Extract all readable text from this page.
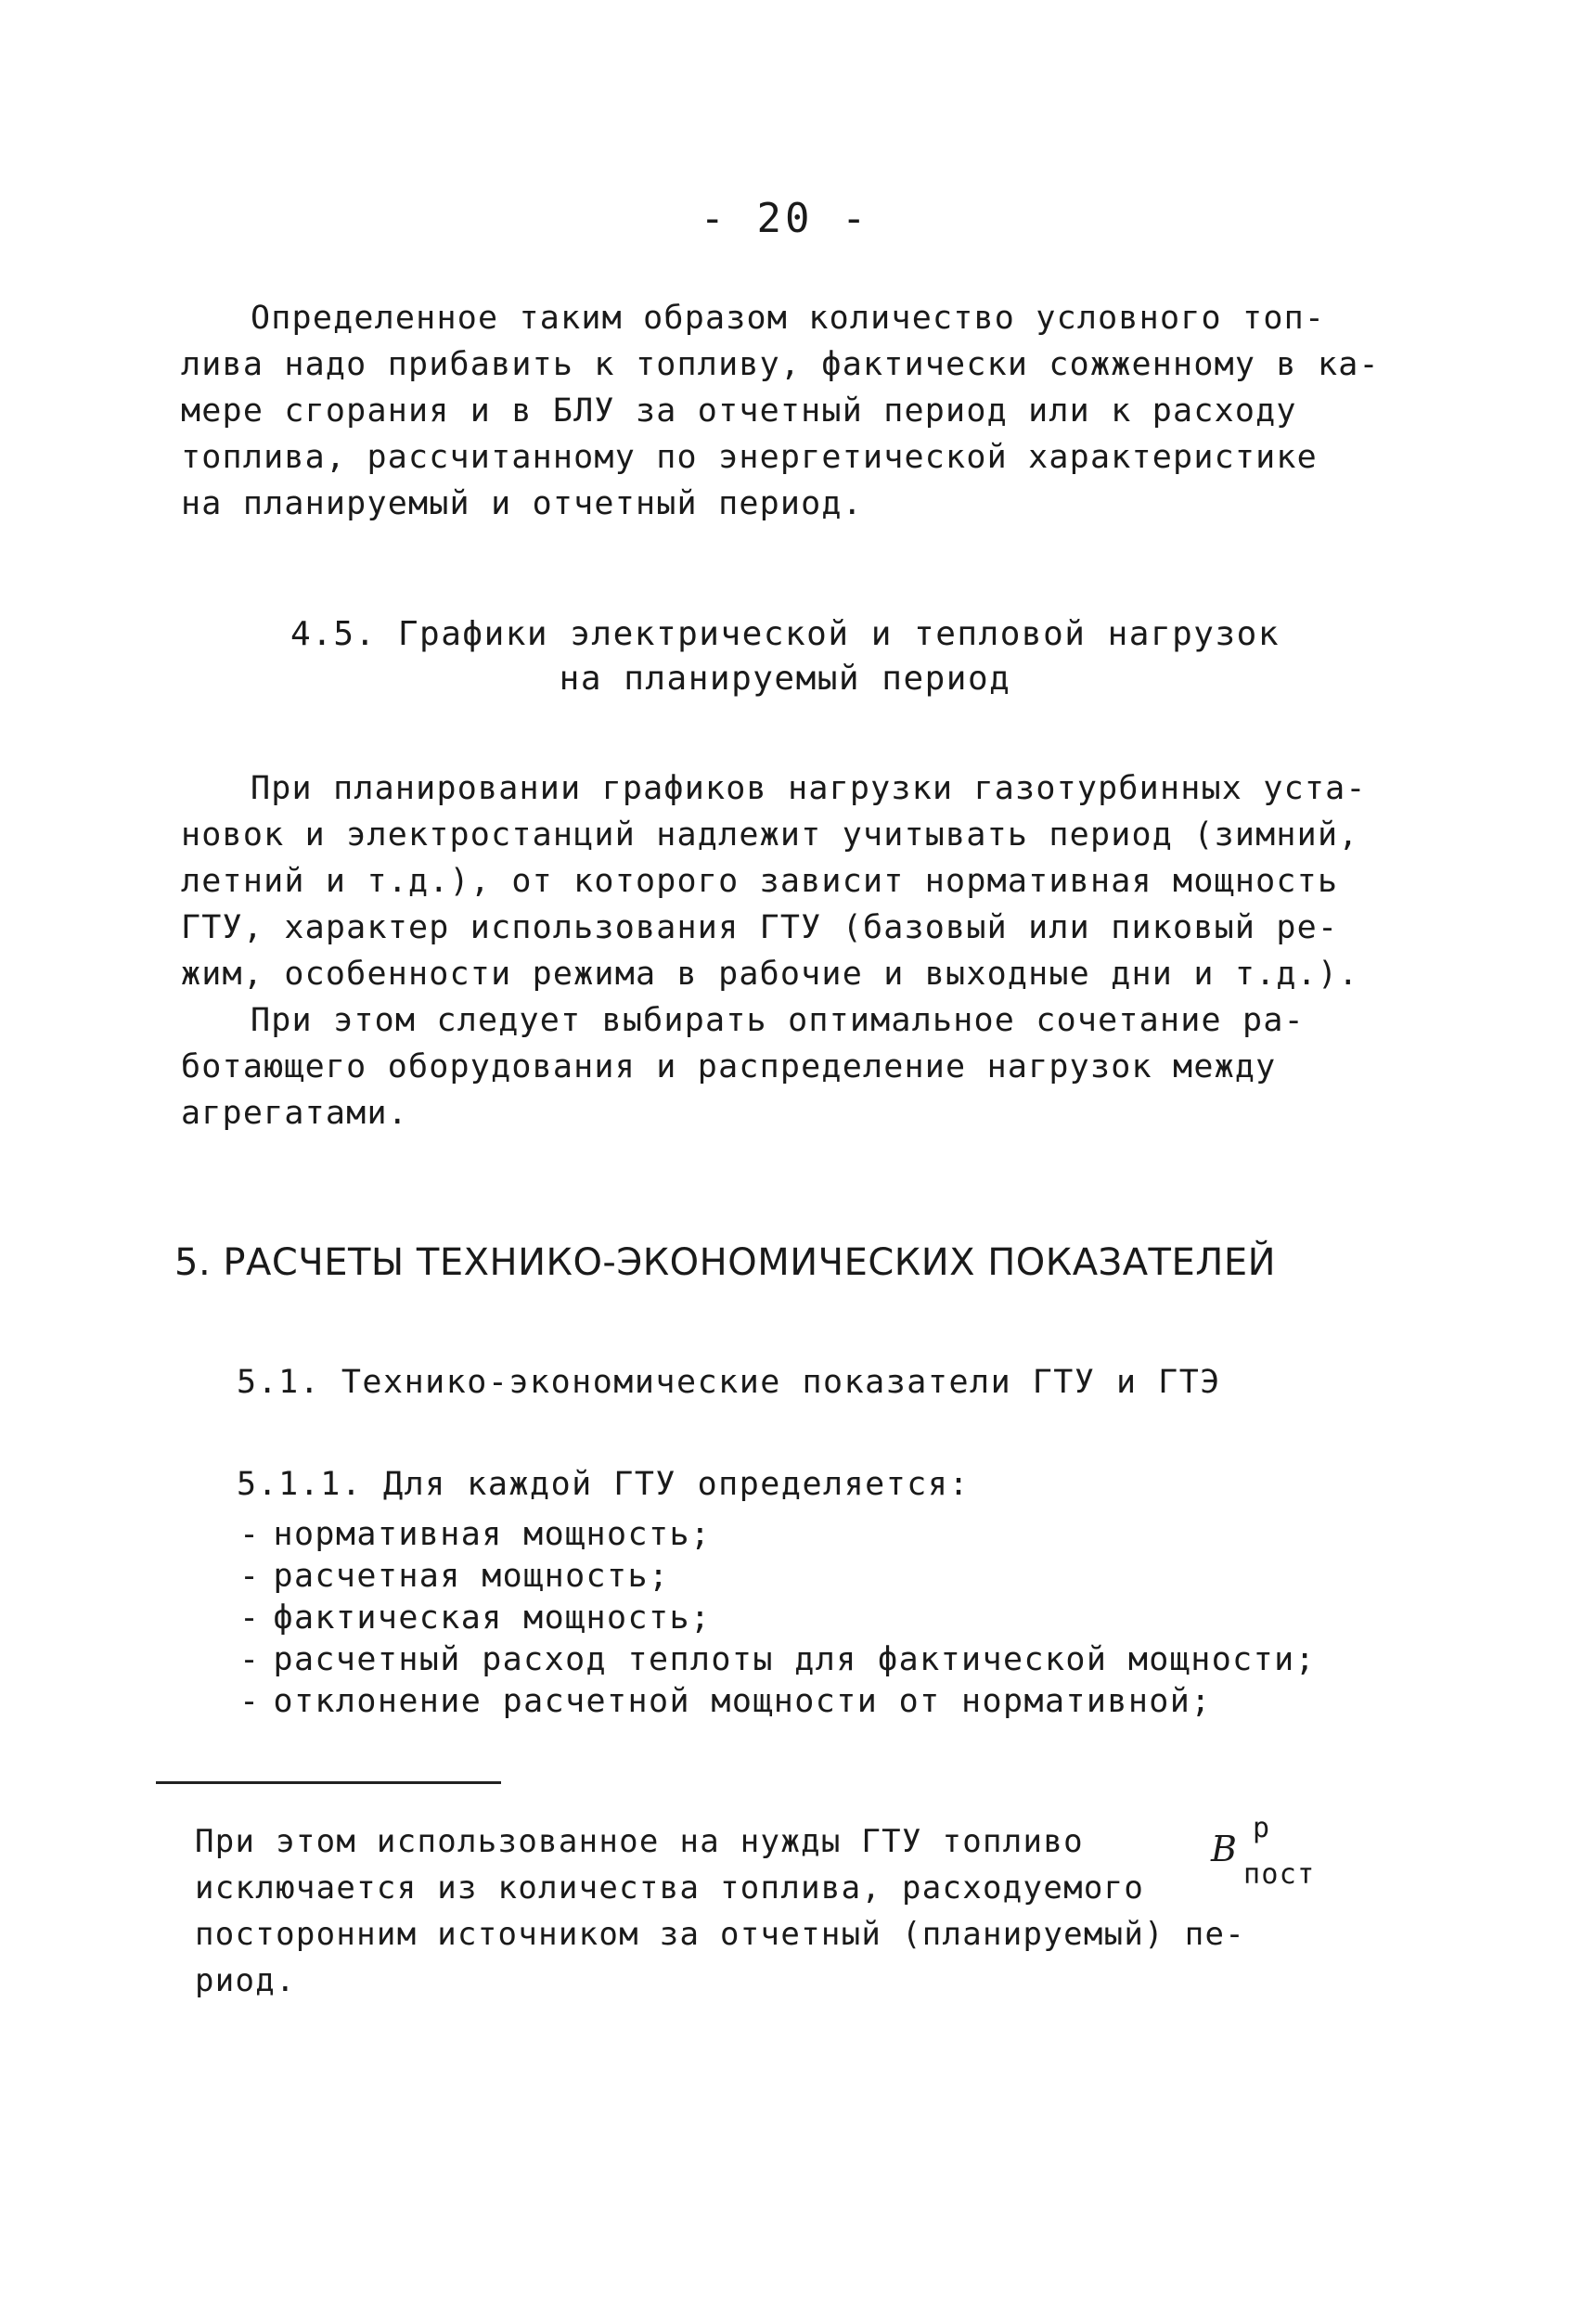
- 20 -
Определенное таким образом количество условного топ-
лива надо прибавить к топливу, фактически сожженному в ка-
мере сгорания и в БЛУ за отчетный период или к расходу
топлива, рассчитанному по энергетической характеристике
на планируемый и отчетный период.
4.5. Графики электрической и тепловой нагрузок
на планируемый период
При планировании графиков нагрузки газотурбинных уста-
новок и электростанций надлежит учитывать период (зимний,
летний и т.д.), от которого зависит нормативная мощность
ГТУ, характер использования ГТУ (базовый или пиковый ре-
жим, особенности режима в рабочие и выходные дни и т.д.).
При этом следует выбирать оптимальное сочетание ра-
ботающего оборудования и распределение нагрузок между
агрегатами.
5. РАСЧЕТЫ ТЕХНИКО-ЭКОНОМИЧЕСКИХ ПОКАЗАТЕЛЕЙ
5.1. Технико-экономические показатели ГТУ и ГТЭ
5.1.1. Для каждой ГТУ определяется:
- нормативная мощность;
- расчетная мощность;
- фактическая мощность;
- расчетный расход теплоты для фактической мощности;
- отклонение расчетной мощности от нормативной;
При этом использованное на нужды ГТУ топливо	B
р
пост
исключается из количества топлива, расходуемого
посторонним источником за отчетный (планируемый) пе-
риод.
